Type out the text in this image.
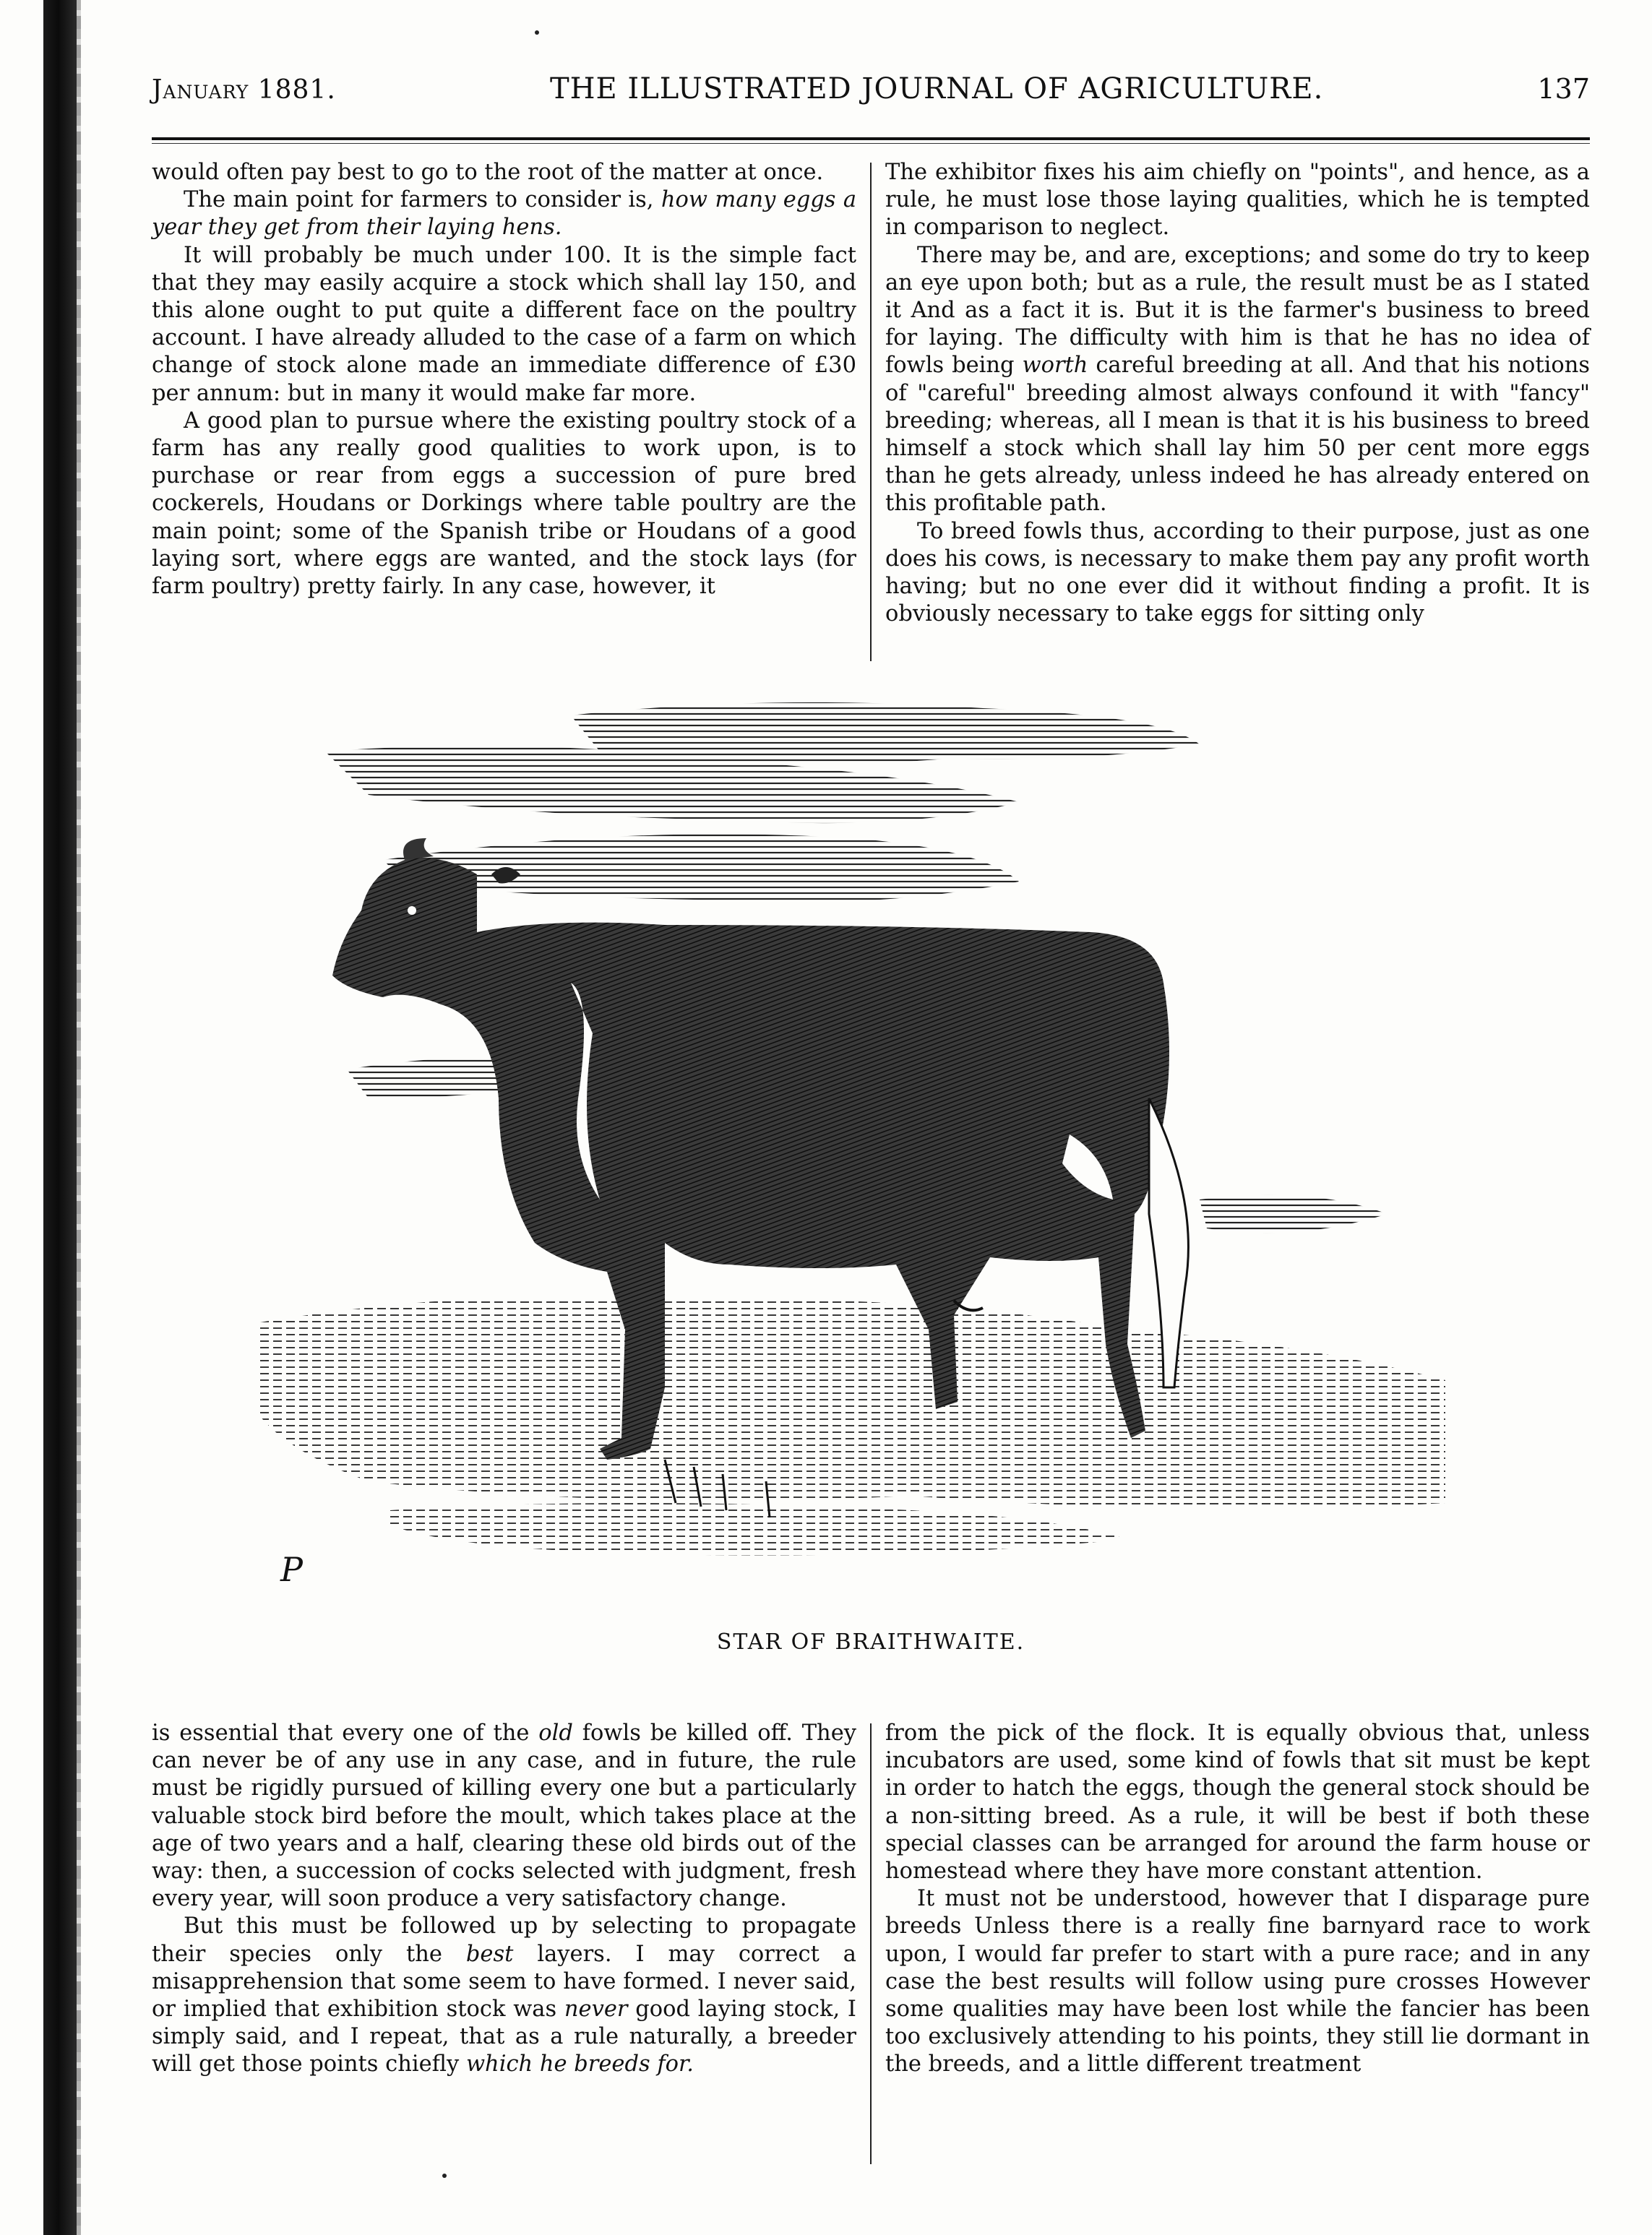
January 1881.	THE ILLUSTRATED JOURNAL OF AGRICULTURE.	137

would often pay best to go to the root of the matter at once.

The main point for farmers to consider is, how many eggs a year they get from their laying hens.

It will probably be much under 100. It is the simple fact that they may easily acquire a stock which shall lay 150, and this alone ought to put quite a different face on the poultry account. I have already alluded to the case of a farm on which change of stock alone made an immediate difference of £30 per annum: but in many it would make far more.

A good plan to pursue where the existing poultry stock of a farm has any really good qualities to work upon, is to purchase or rear from eggs a succession of pure bred cockerels, Houdans or Dorkings where table poultry are the main point; some of the Spanish tribe or Houdans of a good laying sort, where eggs are wanted, and the stock lays (for farm poultry) pretty fairly. In any case, however, it

The exhibitor fixes his aim chiefly on "points", and hence, as a rule, he must lose those laying qualities, which he is tempted in comparison to neglect.

There may be, and are, exceptions; and some do try to keep an eye upon both; but as a rule, the result must be as I stated it And as a fact it is. But it is the farmer's business to breed for laying. The difficulty with him is that he has no idea of fowls being worth careful breeding at all. And that his notions of "careful" breeding almost always confound it with "fancy" breeding; whereas, all I mean is that it is his business to breed himself a stock which shall lay him 50 per cent more eggs than he gets already, unless indeed he has already entered on this profitable path.

To breed fowls thus, according to their purpose, just as one does his cows, is necessary to make them pay any profit worth having; but no one ever did it without finding a profit. It is obviously necessary to take eggs for sitting only

P
STAR OF BRAITHWAITE.

is essential that every one of the old fowls be killed off. They can never be of any use in any case, and in future, the rule must be rigidly pursued of killing every one but a particularly valuable stock bird before the moult, which takes place at the age of two years and a half, clearing these old birds out of the way: then, a succession of cocks selected with judgment, fresh every year, will soon produce a very satisfactory change.

But this must be followed up by selecting to propagate their species only the best layers. I may correct a misapprehension that some seem to have formed. I never said, or implied that exhibition stock was never good laying stock, I simply said, and I repeat, that as a rule naturally, a breeder will get those points chiefly which he breeds for.

from the pick of the flock. It is equally obvious that, unless incubators are used, some kind of fowls that sit must be kept in order to hatch the eggs, though the general stock should be a non-sitting breed. As a rule, it will be best if both these special classes can be arranged for around the farm house or homestead where they have more constant attention.

It must not be understood, however that I disparage pure breeds Unless there is a really fine barnyard race to work upon, I would far prefer to start with a pure race; and in any case the best results will follow using pure crosses However some qualities may have been lost while the fancier has been too exclusively attending to his points, they still lie dormant in the breeds, and a little different treatment
